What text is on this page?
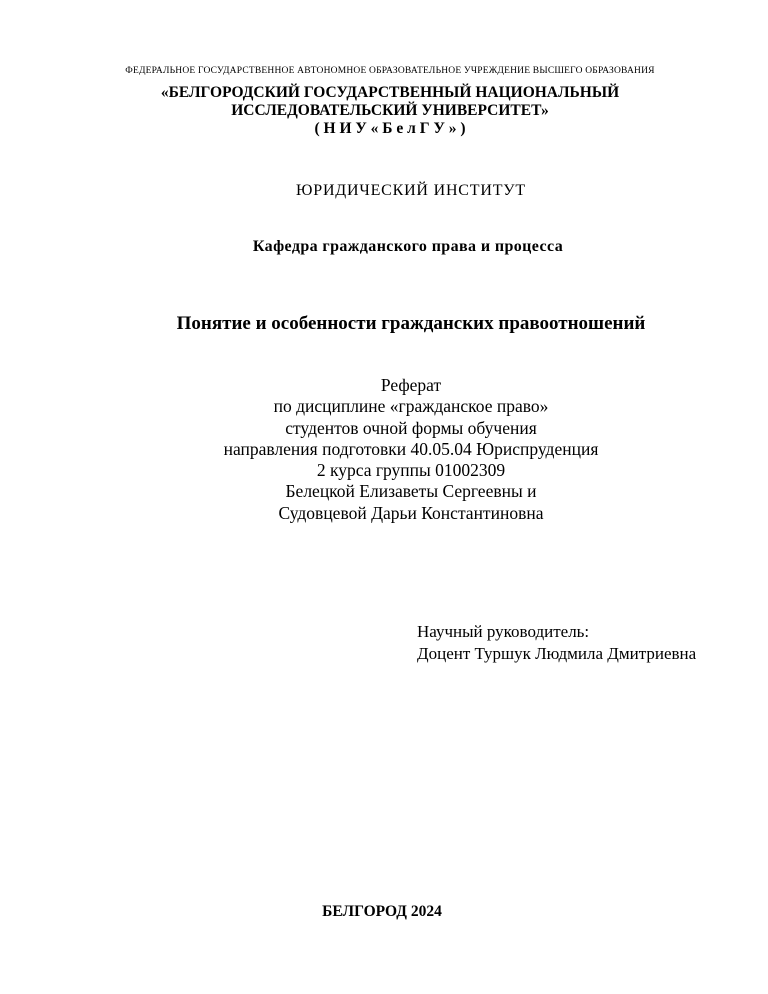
ФЕДЕРАЛЬНОЕ ГОСУДАРСТВЕННОЕ АВТОНОМНОЕ ОБРАЗОВАТЕЛЬНОЕ УЧРЕЖДЕНИЕ ВЫСШЕГО ОБРАЗОВАНИЯ
«БЕЛГОРОДСКИЙ ГОСУДАРСТВЕННЫЙ НАЦИОНАЛЬНЫЙ
ИССЛЕДОВАТЕЛЬСКИЙ УНИВЕРСИТЕТ»
( Н И У « Б е л Г У » )
ЮРИДИЧЕСКИЙ ИНСТИТУТ
Кафедра гражданского права и процесса
Понятие и особенности гражданских правоотношений
Реферат
по дисциплине «гражданское право»
студентов очной формы обучения
направления подготовки 40.05.04 Юриспруденция
2 курса группы 01002309
Белецкой Елизаветы Сергеевны и
Судовцевой Дарьи Константиновна
Научный руководитель:
Доцент Туршук Людмила Дмитриевна
БЕЛГОРОД 2024
